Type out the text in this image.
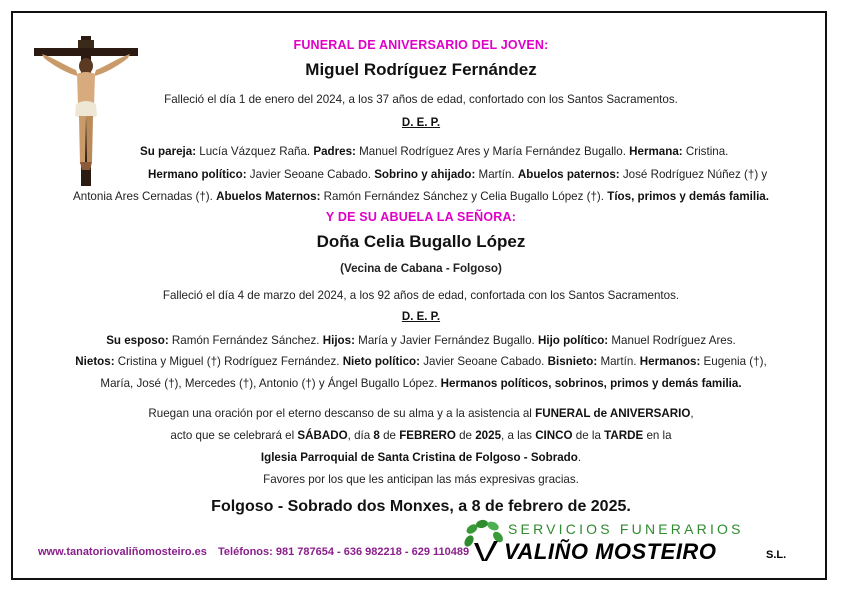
FUNERAL DE ANIVERSARIO DEL JOVEN:
Miguel Rodríguez Fernández
Falleció el día 1 de enero del 2024, a los 37 años de edad, confortado con los Santos Sacramentos.
D. E. P.
Su pareja: Lucía Vázquez Raña. Padres: Manuel Rodríguez Ares y María Fernández Bugallo. Hermana: Cristina.
Hermano político: Javier Seoane Cabado. Sobrino y ahijado: Martín. Abuelos paternos: José Rodríguez Núñez (†) y
Antonia Ares Cernadas (†). Abuelos Maternos: Ramón Fernández Sánchez y Celia Bugallo López (†). Tíos, primos y demás familia.
Y DE SU ABUELA LA SEÑORA:
Doña Celia Bugallo López
(Vecina de Cabana - Folgoso)
Falleció el día 4 de marzo del 2024, a los 92 años de edad, confortada con los Santos Sacramentos.
D. E. P.
Su esposo: Ramón Fernández Sánchez. Hijos: María y Javier Fernández Bugallo. Hijo político: Manuel Rodríguez Ares.
Nietos: Cristina y Miguel (†) Rodríguez Fernández. Nieto político: Javier Seoane Cabado. Bisnieto: Martín. Hermanos: Eugenia (†),
María, José (†), Mercedes (†), Antonio (†) y Ángel Bugallo López. Hermanos políticos, sobrinos, primos y demás familia.
Ruegan una oración por el eterno descanso de su alma y a la asistencia al FUNERAL de ANIVERSARIO,
acto que se celebrará el SÁBADO, día 8 de FEBRERO de 2025, a las CINCO de la TARDE en la
Iglesia Parroquial de Santa Cristina de Folgoso - Sobrado.
Favores por los que les anticipan las más expresivas gracias.
Folgoso - Sobrado dos Monxes, a 8 de febrero de 2025.
www.tanatoriovaliñomosteiro.es Teléfonos: 981 787654 - 636 982218 - 629 110489
SERVICIOS FUNERARIOS
VALIÑO MOSTEIRO	S.L.
